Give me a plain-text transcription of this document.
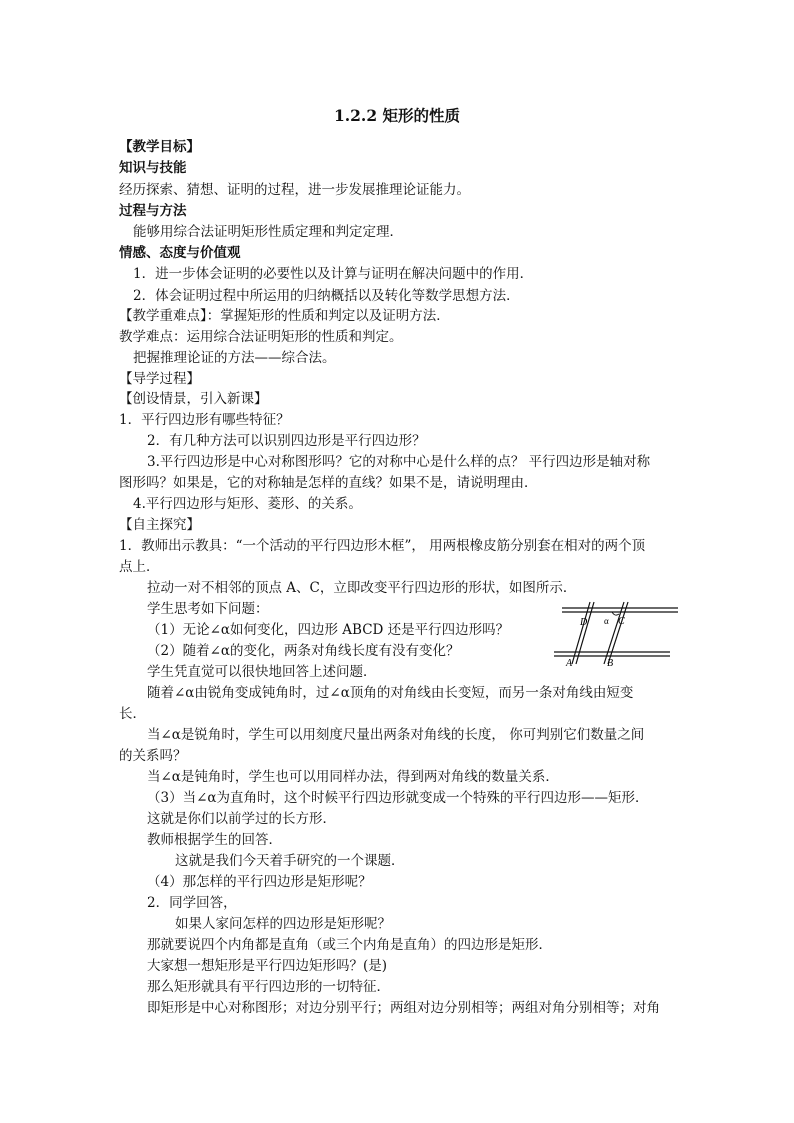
1.2.2 矩形的性质
【教学目标】
知识与技能
经历探索、猜想、证明的过程，进一步发展推理论证能力。
过程与方法
能够用综合法证明矩形性质定理和判定定理．
情感、态度与价值观
1．进一步体会证明的必要性以及计算与证明在解决问题中的作用．
2．体会证明过程中所运用的归纳概括以及转化等数学思想方法．
【教学重难点】：掌握矩形的性质和判定以及证明方法．
教学难点：运用综合法证明矩形的性质和判定。
把握推理论证的方法——综合法。
【导学过程】
【创设情景，引入新课】
1．平行四边形有哪些特征？
2．有几种方法可以识别四边形是平行四边形？
3.平行四边形是中心对称图形吗？它的对称中心是什么样的点？ 平行四边形是轴对称
图形吗？如果是，它的对称轴是怎样的直线？如果不是，请说明理由．
4.平行四边形与矩形、菱形、的关系。
【自主探究】
1．教师出示教具：“一个活动的平行四边形木框”， 用两根橡皮筋分别套在相对的两个顶
点上．
拉动一对不相邻的顶点 A、C，立即改变平行四边形的形状，如图所示．
学生思考如下问题：
（1）无论∠α如何变化，四边形 ABCD 还是平行四边形吗？
（2）随着∠α的变化，两条对角线长度有没有变化？
学生凭直觉可以很快地回答上述问题．
随着∠α由锐角变成钝角时，过∠α顶角的对角线由长变短，而另一条对角线由短变
长．
当∠α是锐角时，学生可以用刻度尺量出两条对角线的长度， 你可判别它们数量之间
的关系吗？
当∠α是钝角时，学生也可以用同样办法，得到两对角线的数量关系．
（3）当∠α为直角时，这个时候平行四边形就变成一个特殊的平行四边形——矩形．
这就是你们以前学过的长方形．
教师根据学生的回答．
这就是我们今天着手研究的一个课题．
（4）那怎样的平行四边形是矩形呢？
2．同学回答，
如果人家问怎样的四边形是矩形呢？
那就要说四个内角都是直角（或三个内角是直角）的四边形是矩形．
大家想一想矩形是平行四边矩形吗？(是)
那么矩形就具有平行四边形的一切特征．
即矩形是中心对称图形；对边分别平行；两组对边分别相等；两组对角分别相等；对角
D α C
A	B
